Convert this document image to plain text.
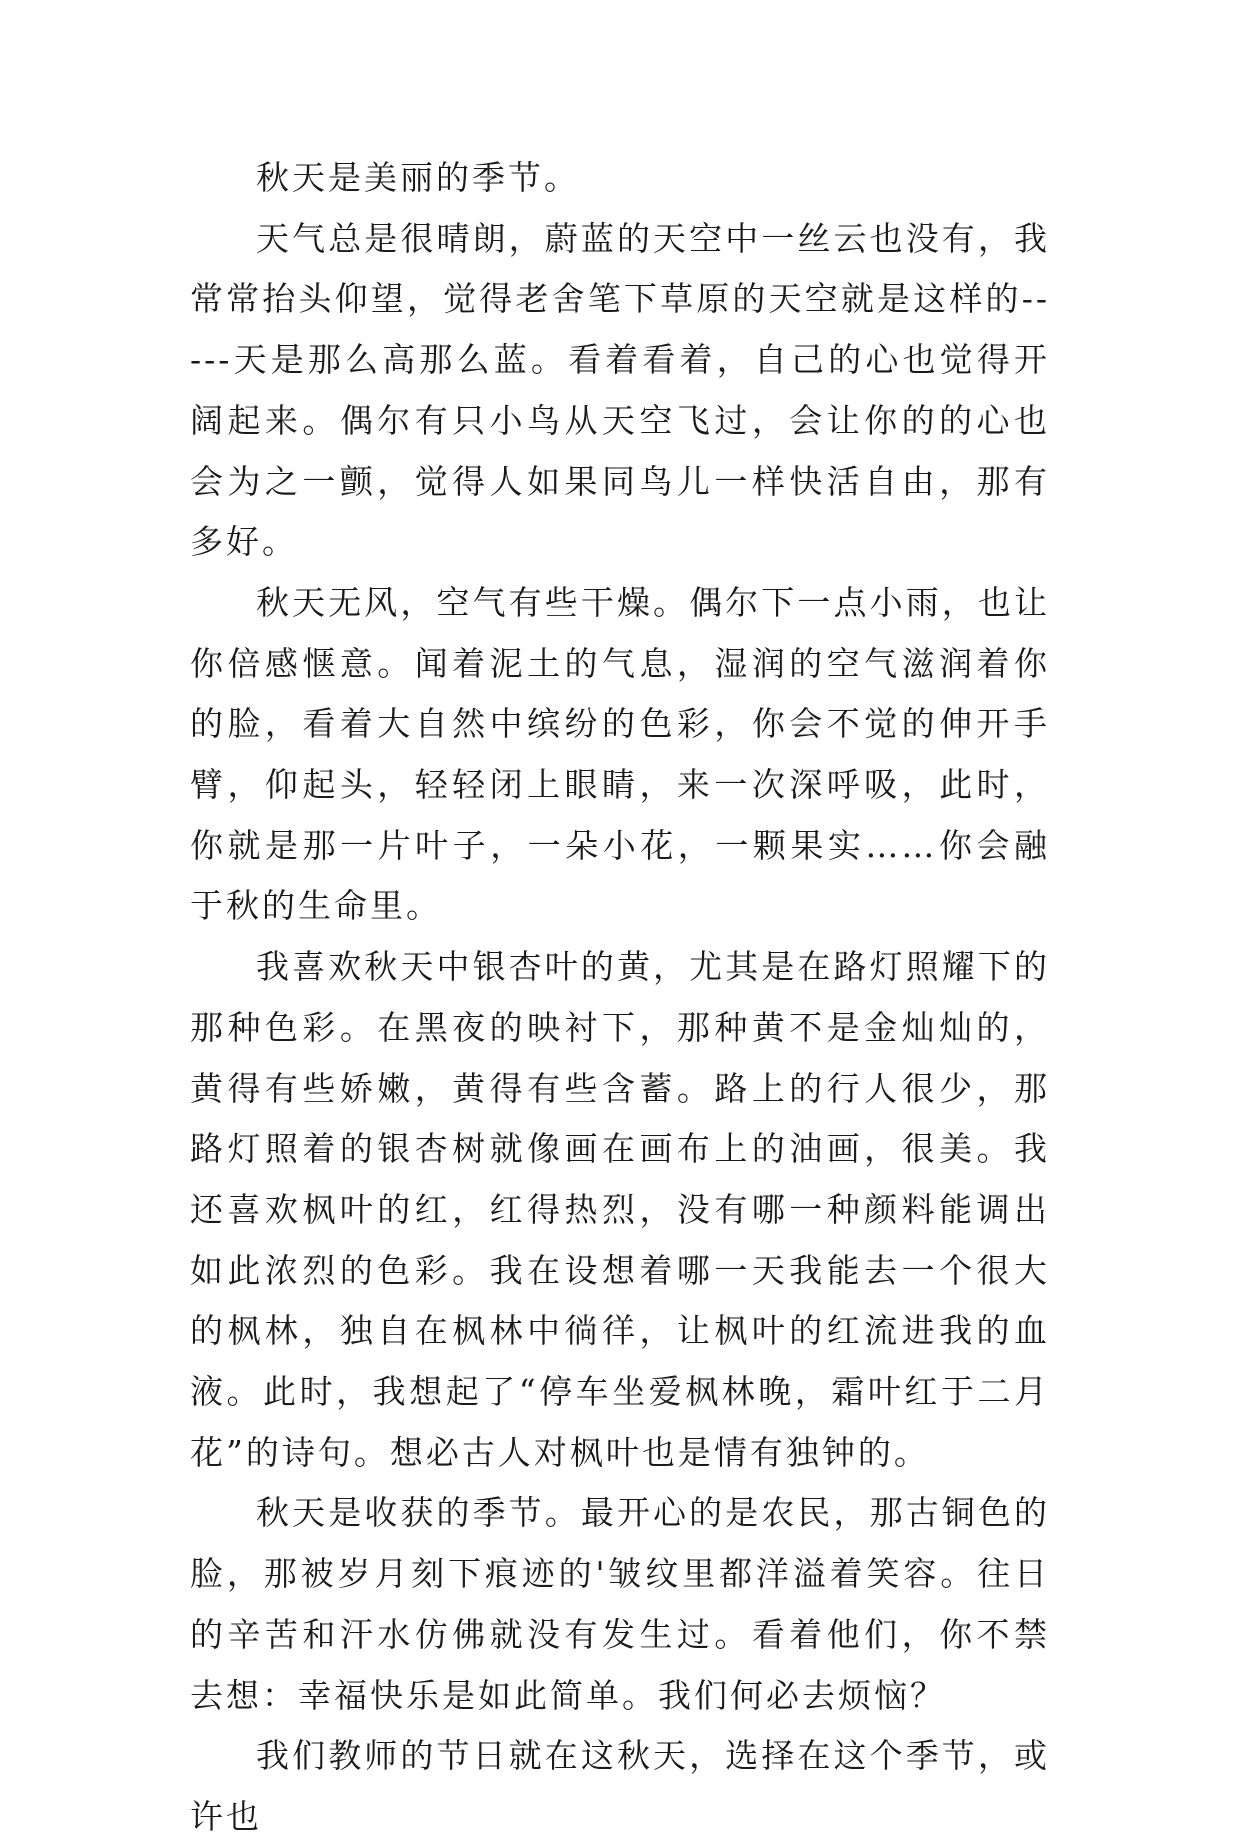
秋天是美丽的季节。

天气总是很晴朗，蔚蓝的天空中一丝云也没有，我常常抬头仰望，觉得老舍笔下草原的天空就是这样的-----天是那么高那么蓝。看着看着，自己的心也觉得开阔起来。偶尔有只小鸟从天空飞过，会让你的的心也会为之一颤，觉得人如果同鸟儿一样快活自由，那有多好。

秋天无风，空气有些干燥。偶尔下一点小雨，也让你倍感惬意。闻着泥土的气息，湿润的空气滋润着你的脸，看着大自然中缤纷的色彩，你会不觉的伸开手臂，仰起头，轻轻闭上眼睛，来一次深呼吸，此时，你就是那一片叶子，一朵小花，一颗果实……你会融于秋的生命里。

我喜欢秋天中银杏叶的黄，尤其是在路灯照耀下的那种色彩。在黑夜的映衬下，那种黄不是金灿灿的，黄得有些娇嫩，黄得有些含蓄。路上的行人很少，那路灯照着的银杏树就像画在画布上的油画，很美。我还喜欢枫叶的红，红得热烈，没有哪一种颜料能调出如此浓烈的色彩。我在设想着哪一天我能去一个很大的枫林，独自在枫林中徜徉，让枫叶的红流进我的血液。此时，我想起了“停车坐爱枫林晚，霜叶红于二月花”的诗句。想必古人对枫叶也是情有独钟的。

秋天是收获的季节。最开心的是农民，那古铜色的脸，那被岁月刻下痕迹的'皱纹里都洋溢着笑容。往日的辛苦和汗水仿佛就没有发生过。看着他们，你不禁去想：幸福快乐是如此简单。我们何必去烦恼？

我们教师的节日就在这秋天，选择在这个季节，或许也
